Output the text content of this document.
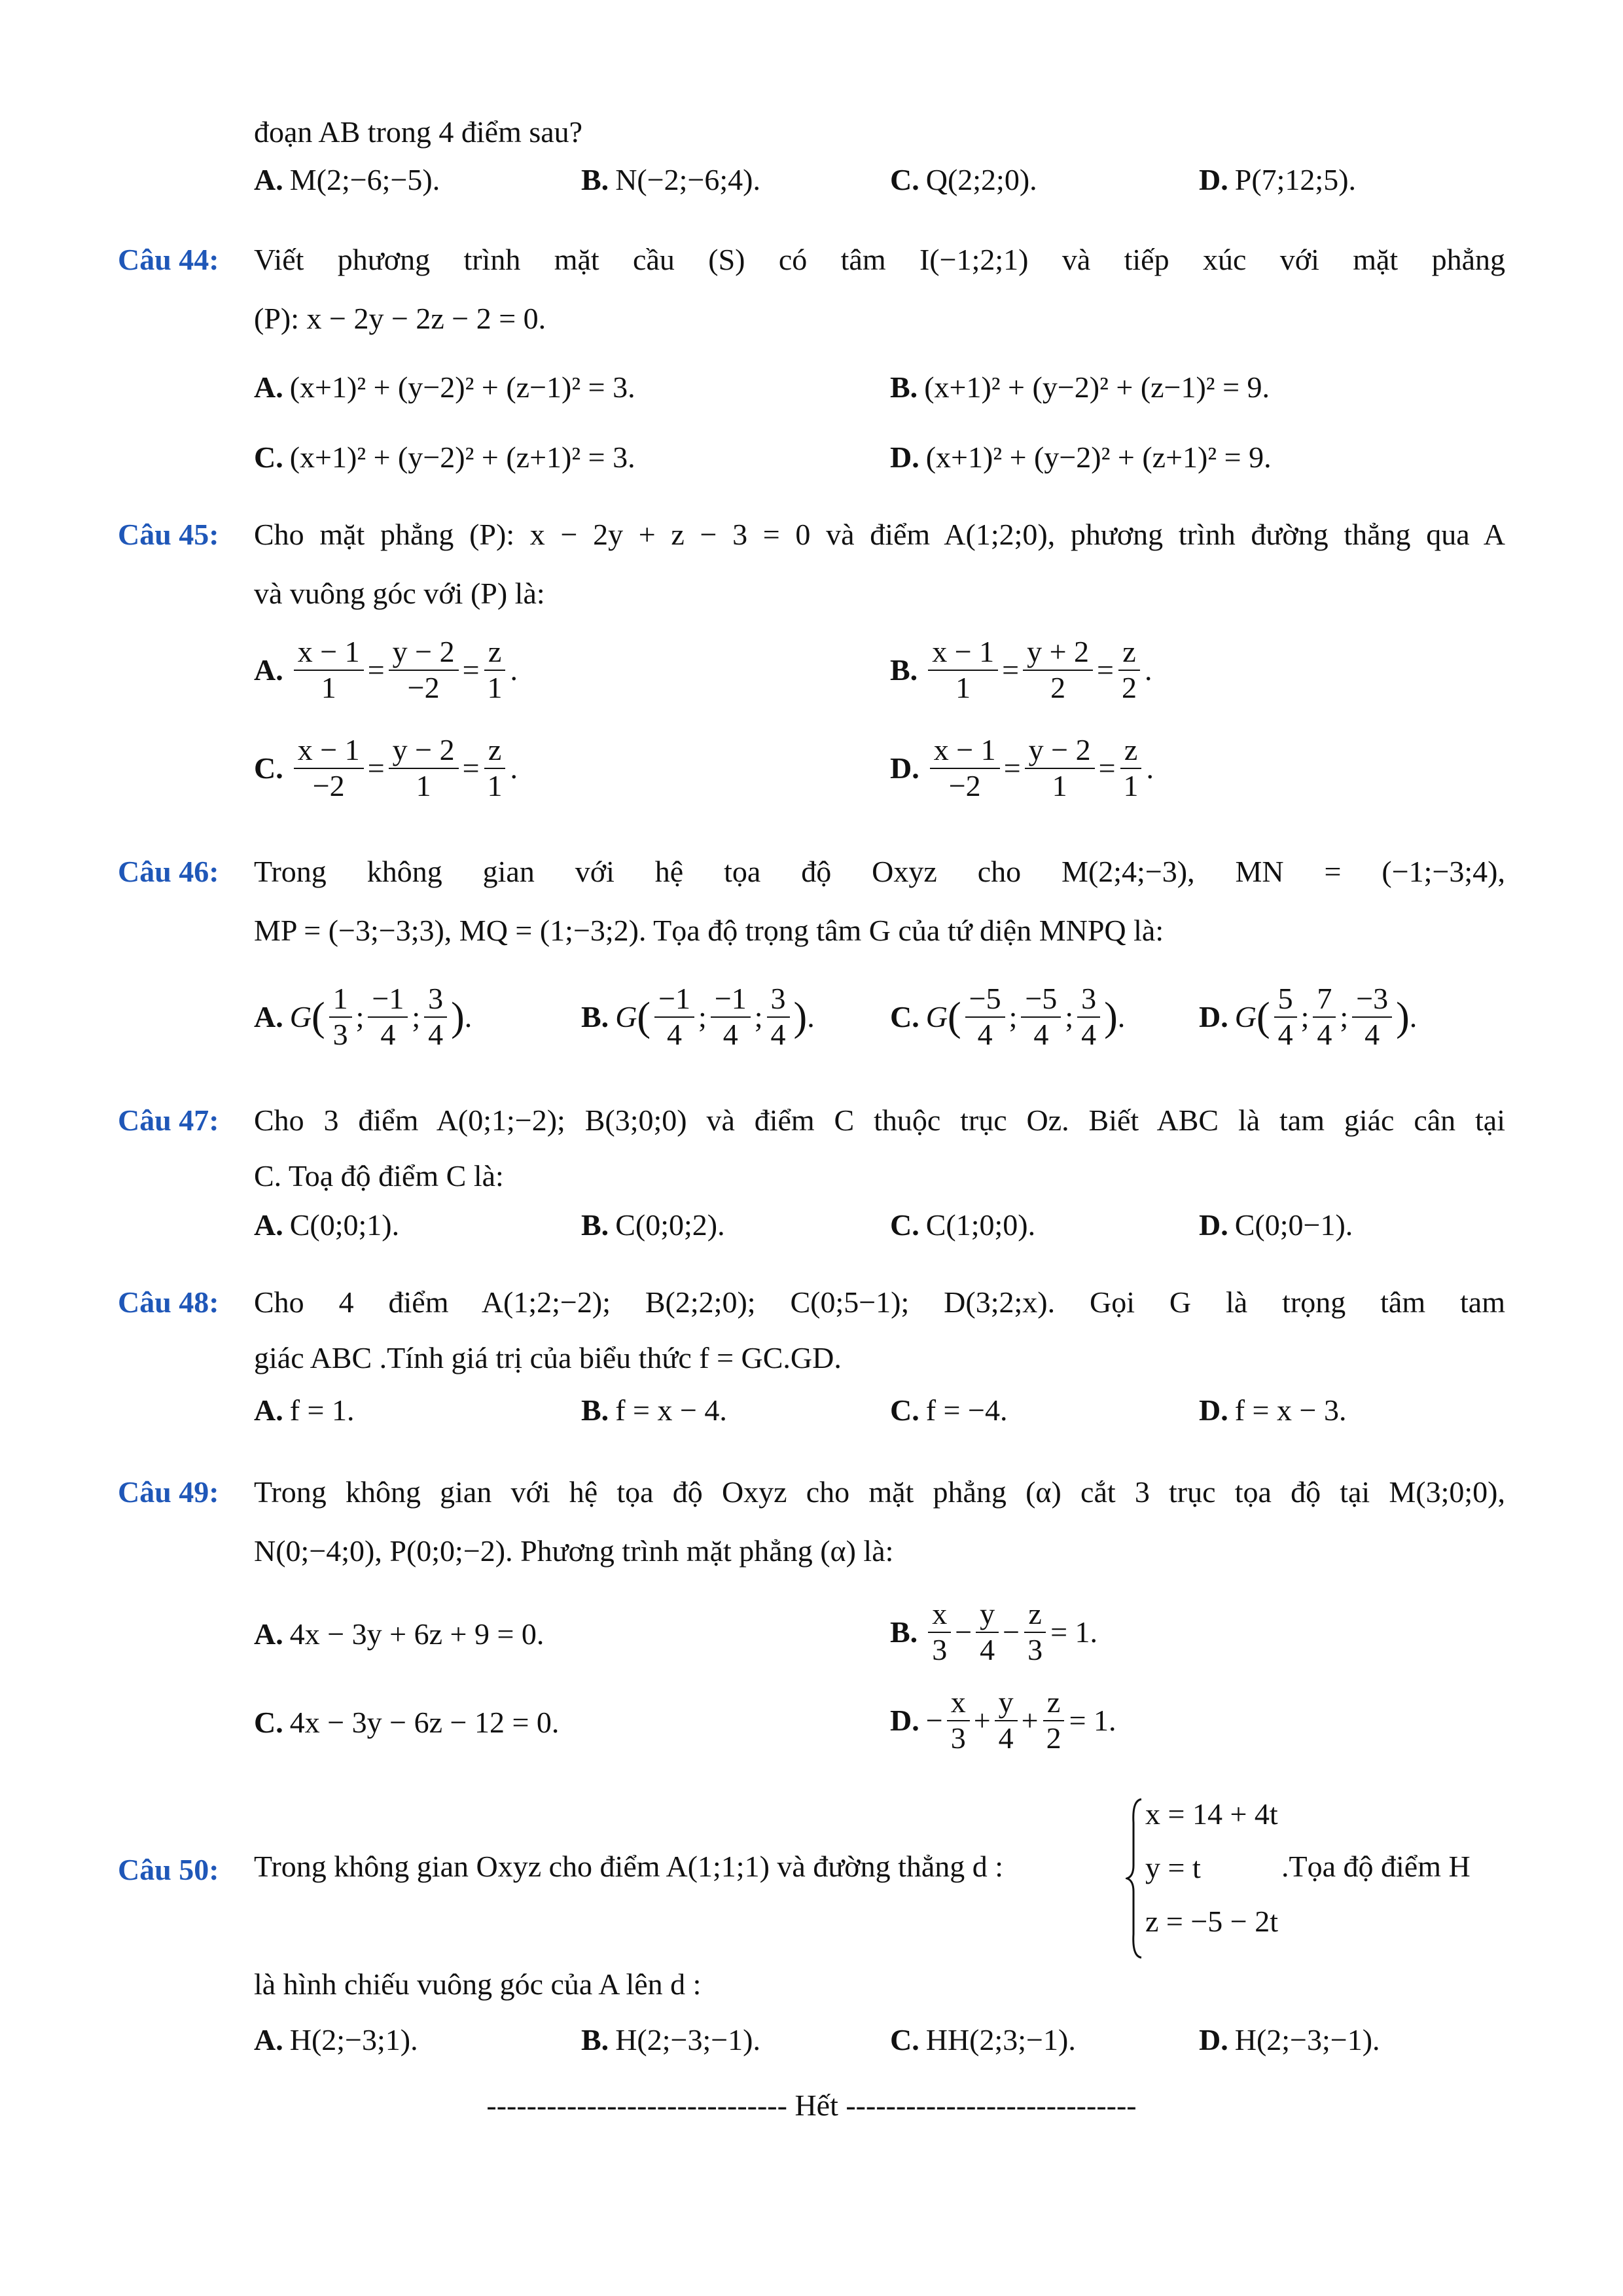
đoạn AB trong 4 điểm sau?
A. M(2;−6;−5).	B. N(−2;−6;4).	C. Q(2;2;0).	D. P(7;12;5).
Câu 44: Viết phương trình mặt cầu (S) có tâm I(−1;2;1) và tiếp xúc với mặt phẳng
(P): x − 2y − 2z − 2 = 0.
A. (x+1)² + (y−2)² + (z−1)² = 3.	B. (x+1)² + (y−2)² + (z−1)² = 9.
C. (x+1)² + (y−2)² + (z+1)² = 3.	D. (x+1)² + (y−2)² + (z+1)² = 9.
Câu 45: Cho mặt phẳng (P): x − 2y + z − 3 = 0 và điểm A(1;2;0), phương trình đường thẳng qua A
và vuông góc với (P) là:
A. $\frac{x - 1}{1} = \frac{y - 2}{-2} = \frac{z}{1}$ .	B. $\frac{x - 1}{1} = \frac{y + 2}{2} = \frac{z}{2}$ .
C. $\frac{x - 1}{-2} = \frac{y - 2}{1} = \frac{z}{1}$ .	D. $\frac{x - 1}{-2} = \frac{y - 2}{1} = \frac{z}{1}$ .
Câu 46: Trong không gian với hệ tọa độ Oxyz cho M(2;4;−3), MN = (−1;−3;4),
MP = (−3;−3;3), MQ = (1;−3;2). Tọa độ trọng tâm G của tứ diện MNPQ là:
A. G ( $\frac{1}{3}$ ; $\frac{-1}{4}$ ; $\frac{3}{4}$ ) .	B. G ( $\frac{-1}{4}$ ; $\frac{-1}{4}$ ; $\frac{3}{4}$ ) .	C. G ( $\frac{-5}{4}$ ; $\frac{-5}{4}$ ; $\frac{3}{4}$ ) . D. G ( $\frac{5}{4}$ ; $\frac{7}{4}$ ; $\frac{-3}{4}$ ) .
Câu 47: Cho 3 điểm A(0;1;−2); B(3;0;0) và điểm C thuộc trục Oz. Biết ABC là tam giác cân tại
C. Toạ độ điểm C là:
A. C(0;0;1).	B. C(0;0;2).	C. C(1;0;0).	D. C(0;0−1).
Câu 48: Cho 4 điểm A(1;2;−2); B(2;2;0); C(0;5−1); D(3;2;x). Gọi G là trọng tâm tam
giác ABC .Tính giá trị của biểu thức f = GC.GD.
A. f = 1.	B. f = x − 4.	C. f = −4.	D. f = x − 3.
Câu 49: Trong không gian với hệ tọa độ Oxyz cho mặt phẳng (α) cắt 3 trục tọa độ tại M(3;0;0),
N(0;−4;0), P(0;0;−2). Phương trình mặt phẳng (α) là:
A. 4x − 3y + 6z + 9 = 0.	B. $\frac{x}{3} - \frac{y}{4} - \frac{z}{3} = 1$.
C. 4x − 3y − 6z − 12 = 0.	D. − $\frac{x}{3} + \frac{y}{4} + \frac{z}{2} = 1$.
Câu 50: Trong không gian Oxyz cho điểm A(1;1;1) và đường thẳng d :
x = 14 + 4t
y = t
z = −5 − 2t
.Tọa độ điểm H
là hình chiếu vuông góc của A lên d :
A. H(2;−3;1).	B. H(2;−3;−1).	C. HH(2;3;−1).	D. H(2;−3;−1).
------------------------------ Hết -----------------------------
